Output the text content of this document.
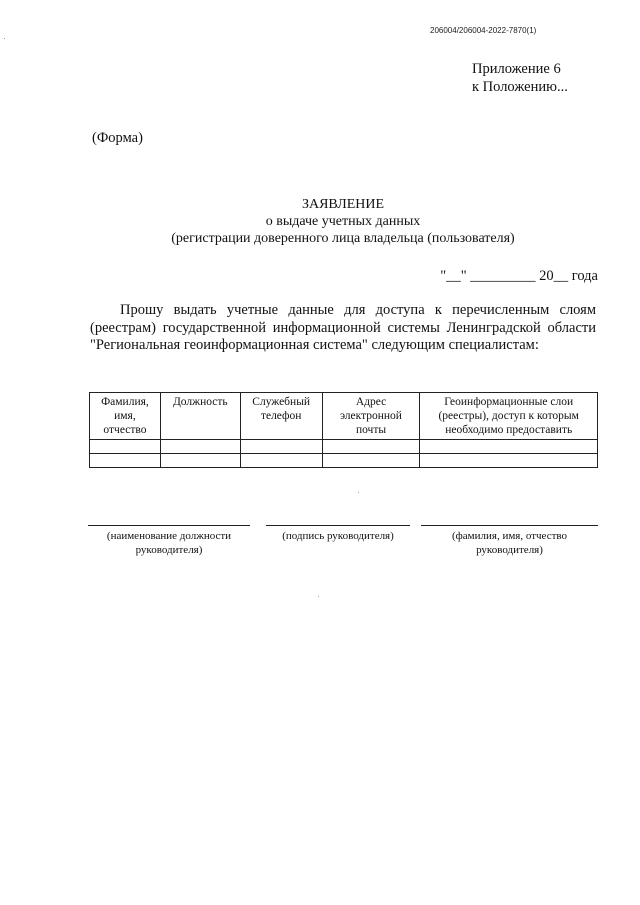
206004/206004-2022-7870(1)
Приложение 6
к Положению...
(Форма)
ЗАЯВЛЕНИЕ
о выдаче учетных данных
(регистрации доверенного лица владельца (пользователя)
"__" _________ 20__ года
Прошу выдать учетные данные для доступа к перечисленным слоям (реестрам) государственной информационной системы Ленинградской области "Региональная геоинформационная система" следующим специалистам:
Фамилия, имя, отчество	Должность	Служебный телефон	Адрес электронной почты	Геоинформационные слои (реестры), доступ к которым необходимо предоставить

(наименование должности руководителя)
(подпись руководителя)	(фамилия, имя, отчество руководителя)
